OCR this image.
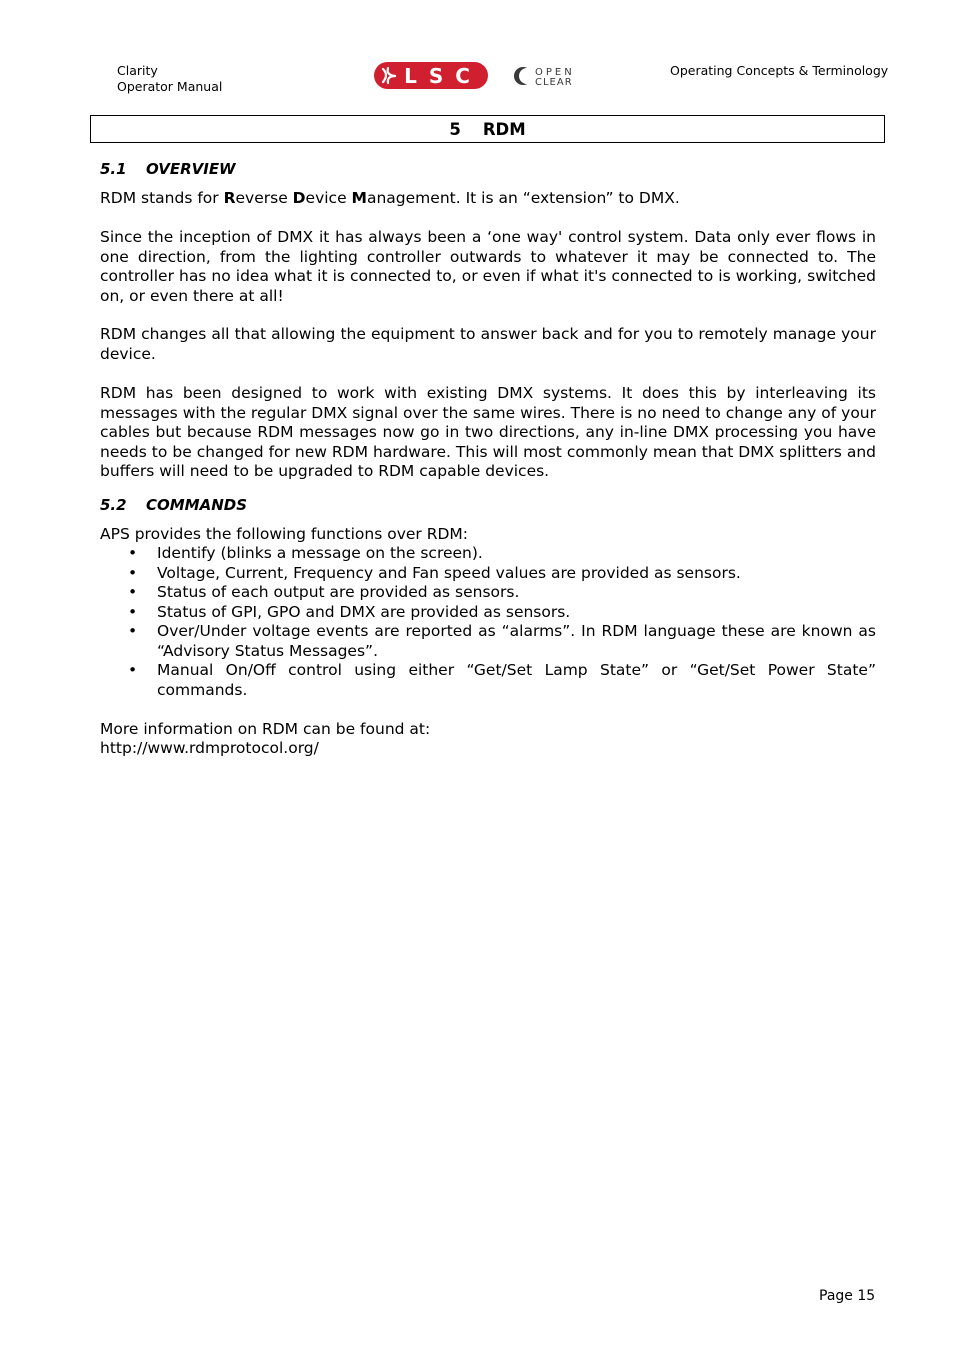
Clarity
Operator Manual	LSC	OPEN
CLEAR
Operating Concepts & Terminology
5 RDM
5.1 OVERVIEW
RDM stands for Reverse Device Management. It is an “extension” to DMX.
Since the inception of DMX it has always been a ‘one way' control system. Data only ever flows in one direction, from the lighting controller outwards to whatever it may be connected to. The controller has no idea what it is connected to, or even if what it's connected to is working, switched on, or even there at all!
RDM changes all that allowing the equipment to answer back and for you to remotely manage your device.
RDM has been designed to work with existing DMX systems. It does this by interleaving its messages with the regular DMX signal over the same wires. There is no need to change any of your cables but because RDM messages now go in two directions, any in-line DMX processing you have needs to be changed for new RDM hardware. This will most commonly mean that DMX splitters and buffers will need to be upgraded to RDM capable devices.
5.2 COMMANDS
APS provides the following functions over RDM:
• Identify (blinks a message on the screen).
• Voltage, Current, Frequency and Fan speed values are provided as sensors.
• Status of each output are provided as sensors.
• Status of GPI, GPO and DMX are provided as sensors.
• Over/Under voltage events are reported as “alarms”. In RDM language these are known as “Advisory Status Messages”.
• Manual On/Off control using either “Get/Set Lamp State” or “Get/Set Power State” commands.
More information on RDM can be found at:
http://www.rdmprotocol.org/
Page 15
